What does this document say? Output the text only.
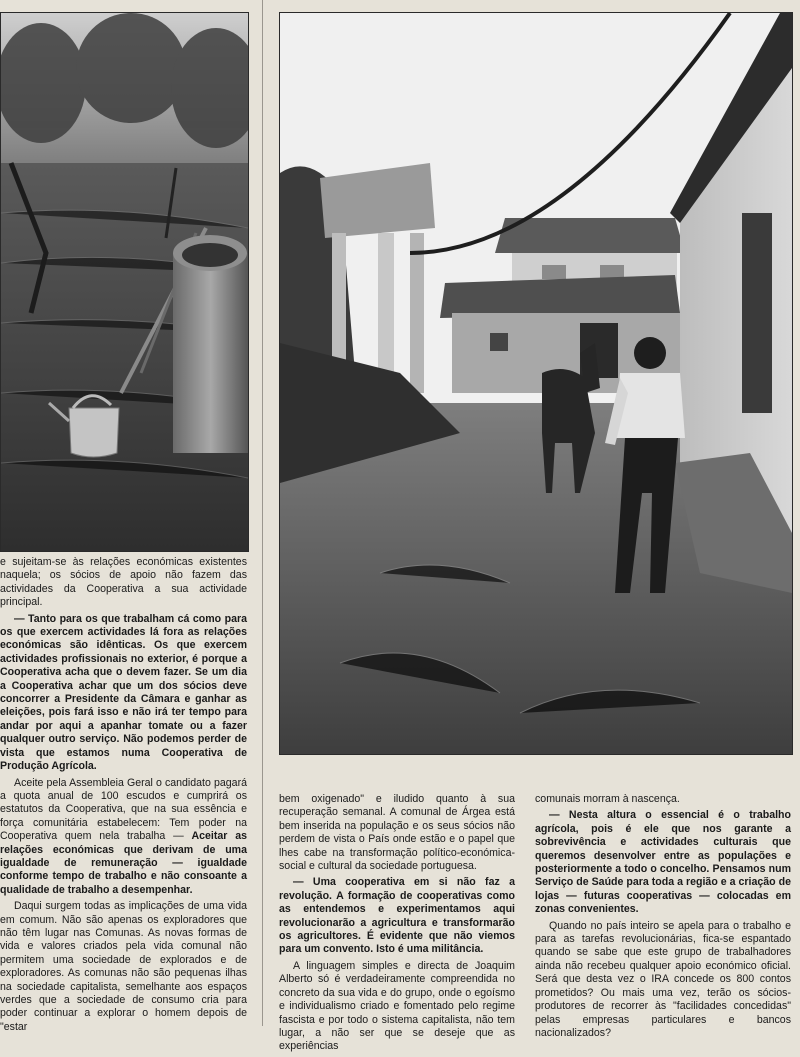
e sujeitam-se às relações económicas existentes naquela; os sócios de apoio não fazem das actividades da Cooperativa a sua actividade principal.

— Tanto para os que trabalham cá como para os que exercem actividades lá fora as relações económicas são idênticas. Os que exercem actividades profissionais no exterior, é porque a Cooperativa acha que o devem fazer. Se um dia a Cooperativa achar que um dos sócios deve concorrer a Presidente da Câmara e ganhar as eleições, pois fará isso e não irá ter tempo para andar por aqui a apanhar tomate ou a fazer qualquer outro serviço. Não podemos perder de vista que estamos numa Cooperativa de Produção Agrícola.

Aceite pela Assembleia Geral o candidato pagará a quota anual de 100 escudos e cumprirá os estatutos da Cooperativa, que na sua essência e força comunitária estabelecem: Tem poder na Cooperativa quem nela trabalha — Aceitar as relações económicas que derivam de uma igualdade de remuneração — igualdade conforme tempo de trabalho e não consoante a qualidade de trabalho a desempenhar.

Daqui surgem todas as implicações de uma vida em comum. Não são apenas os exploradores que não têm lugar nas Comunas. As novas formas de vida e valores criados pela vida comunal não permitem uma sociedade de explorados e de exploradores. As comunas não são pequenas ilhas na sociedade capitalista, semelhante aos espaços verdes que a sociedade de consumo cria para poder continuar a explorar o homem depois de "estar

bem oxigenado" e iludido quanto à sua recuperação semanal. A comunal de Árgea está bem inserida na população e os seus sócios não perdem de vista o País onde estão e o papel que lhes cabe na transformação político-económica-social e cultural da sociedade portuguesa.

— Uma cooperativa em si não faz a revolução. A formação de cooperativas como as entendemos e experimentamos aqui revolucionarão a agricultura e transformarão os agricultores. É evidente que não viemos para um convento. Isto é uma militância.

A linguagem simples e directa de Joaquim Alberto só é verdadeiramente compreendida no concreto da sua vida e do grupo, onde o egoísmo e individualismo criado e fomentado pelo regime fascista e por todo o sistema capitalista, não tem lugar, a não ser que se deseje que as experiências

comunais morram à nascença.

— Nesta altura o essencial é o trabalho agrícola, pois é ele que nos garante a sobrevivência e actividades culturais que queremos desenvolver entre as populações e posteriormente a todo o concelho. Pensamos num Serviço de Saúde para toda a região e a criação de lojas — futuras cooperativas — colocadas em zonas convenientes.

Quando no país inteiro se apela para o trabalho e para as tarefas revolucionárias, fica-se espantado quando se sabe que este grupo de trabalhadores ainda não recebeu qualquer apoio económico oficial. Será que desta vez o IRA concede os 800 contos prometidos? Ou mais uma vez, terão os sócios-produtores de recorrer às "facilidades concedidas" pelas empresas particulares e bancos nacionalizados?
